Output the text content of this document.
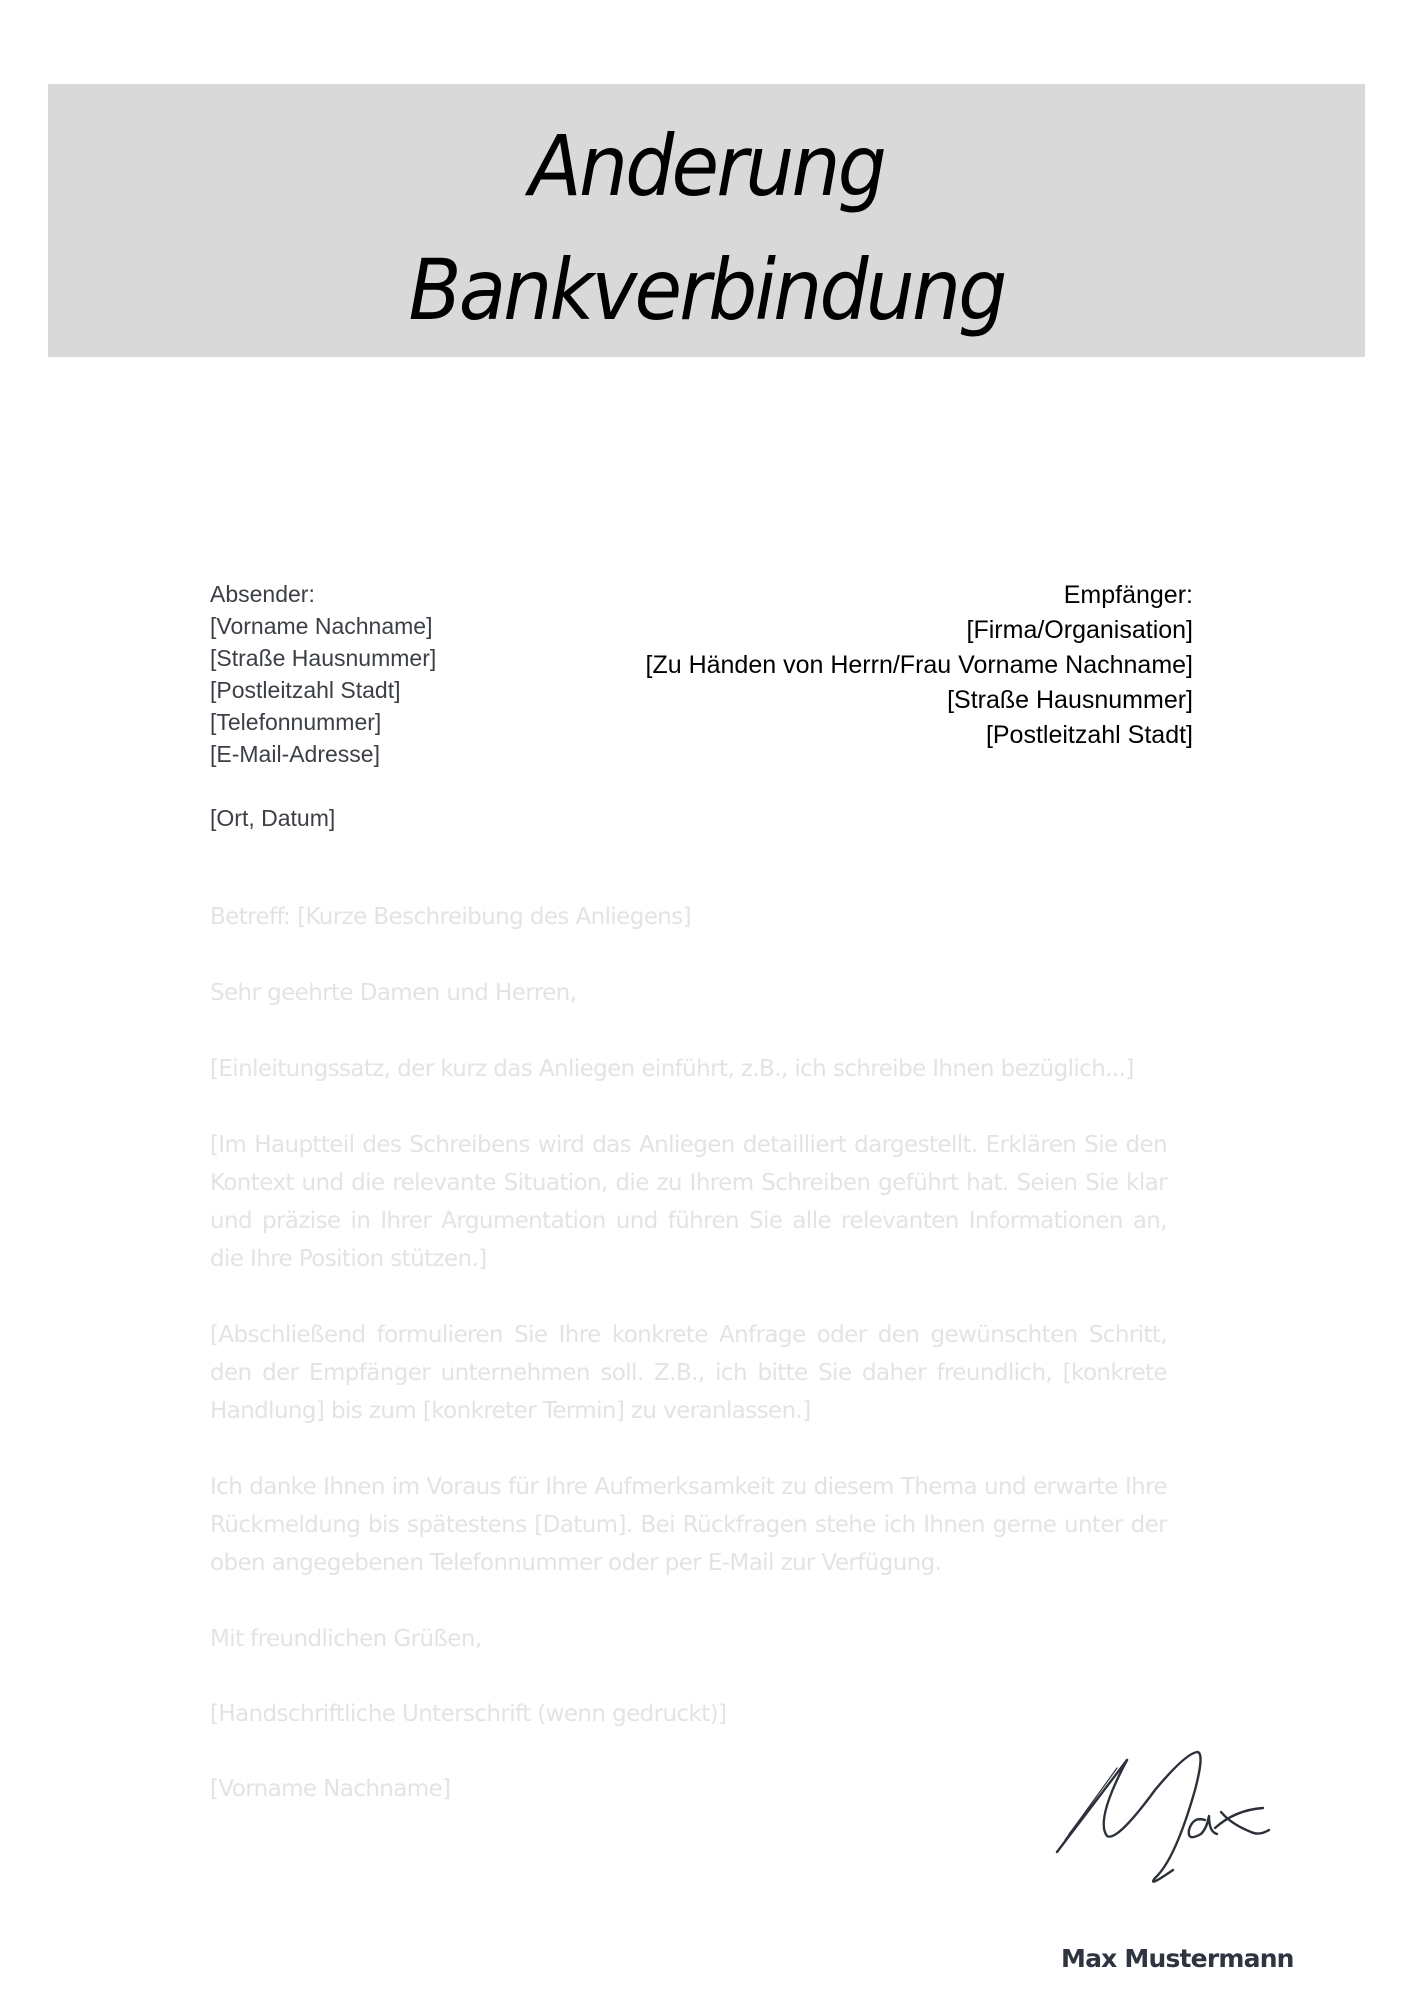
Anderung
Bankverbindung
Absender:
[Vorname Nachname]
[Straße Hausnummer]
[Postleitzahl Stadt]
[Telefonnummer]
[E-Mail-Adresse]
[Ort, Datum]
Empfänger:
[Firma/Organisation]
[Zu Händen von Herrn/Frau Vorname Nachname]
[Straße Hausnummer]
[Postleitzahl Stadt]

Betreff: [Kurze Beschreibung des Anliegens]

Sehr geehrte Damen und Herren,

[Einleitungssatz, der kurz das Anliegen einführt, z.B., ich schreibe Ihnen bezüglich...]

[Im Hauptteil des Schreibens wird das Anliegen detailliert dargestellt. Erklären Sie den Kontext und die relevante Situation, die zu Ihrem Schreiben geführt hat. Seien Sie klar und präzise in Ihrer Argumentation und führen Sie alle relevanten Informationen an, die Ihre Position stützen.]

[Abschließend formulieren Sie Ihre konkrete Anfrage oder den gewünschten Schritt, den der Empfänger unternehmen soll. Z.B., ich bitte Sie daher freundlich, [konkrete Handlung] bis zum [konkreter Termin] zu veranlassen.]

Ich danke Ihnen im Voraus für Ihre Aufmerksamkeit zu diesem Thema und erwarte Ihre Rückmeldung bis spätestens [Datum]. Bei Rückfragen stehe ich Ihnen gerne unter der oben angegebenen Telefonnummer oder per E-Mail zur Verfügung.

Mit freundlichen Grüßen,

[Handschriftliche Unterschrift (wenn gedruckt)]

[Vorname Nachname]

Max Mustermann
